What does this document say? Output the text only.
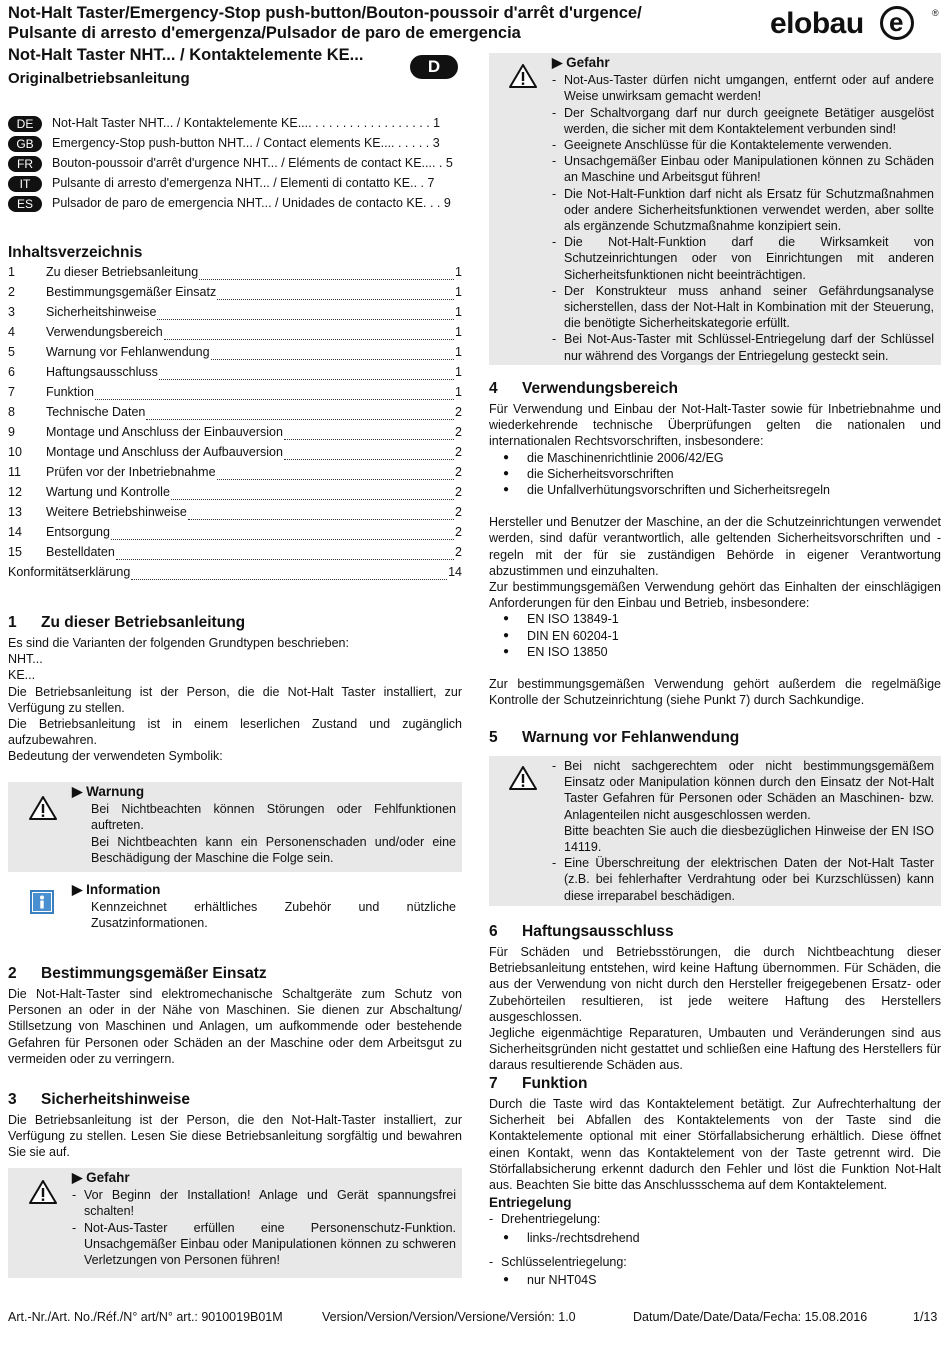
Not-Halt Taster/Emergency-Stop push-button/Bouton-poussoir d'arrêt d'urgence/
Pulsante di arresto d'emergenza/Pulsador de paro de emergencia	elobau e	®
Not-Halt Taster NHT... / Kontaktelemente KE...
Originalbetriebsanleitung
D
DE	Not-Halt Taster NHT... / Kontaktelemente KE.... . . . . . . . . . . . . . . . . . 1
GB	Emergency-Stop push-button NHT... / Contact elements KE.... . . . . . 3
FR	Bouton-poussoir d'arrêt d'urgence NHT... / Eléments de contact KE.... . 5
IT	Pulsante di arresto d'emergenza NHT... / Elementi di contatto KE.. . 7
ES	Pulsador de paro de emergencia NHT... / Unidades de contacto KE. . . 9
Inhaltsverzeichnis
1	Zu dieser Betriebsanleitung	1
2	Bestimmungsgemäßer Einsatz	1
3	Sicherheitshinweise	1
4	Verwendungsbereich	1
5	Warnung vor Fehlanwendung	1
6	Haftungsausschluss	1
7	Funktion	1
8	Technische Daten	2
9	Montage und Anschluss der Einbauversion	2
10	Montage und Anschluss der Aufbauversion	2
11	Prüfen vor der Inbetriebnahme	2
12	Wartung und Kontrolle	2
13	Weitere Betriebshinweise	2
14	Entsorgung	2
15	Bestelldaten	2
Konformitätserklärung	14
1 Zu dieser Betriebsanleitung
Es sind die Varianten der folgenden Grundtypen beschrieben:
NHT...
KE...
Die Betriebsanleitung ist der Person, die die Not-Halt Taster installiert, zur Verfügung zu stellen.
Die Betriebsanleitung ist in einem leserlichen Zustand und zugänglich aufzubewahren.
Bedeutung der verwendeten Symbolik:
▶ Warnung
Bei Nichtbeachten können Störungen oder Fehlfunktionen auftreten.
Bei Nichtbeachten kann ein Personenschaden und/oder eine Beschädigung der Maschine die Folge sein.
▶ Information
Kennzeichnet erhältliches Zubehör und nützliche Zusatzinformationen.
2 Bestimmungsgemäßer Einsatz
Die Not-Halt-Taster sind elektromechanische Schaltgeräte zum Schutz von Personen an oder in der Nähe von Maschinen. Sie dienen zur Abschaltung/ Stillsetzung von Maschinen und Anlagen, um aufkommende oder bestehende Gefahren für Personen oder Schäden an der Maschine oder dem Arbeitsgut zu vermeiden oder zu verringern.
3 Sicherheitshinweise
Die Betriebsanleitung ist der Person, die den Not-Halt-Taster installiert, zur Verfügung zu stellen. Lesen Sie diese Betriebsanleitung sorgfältig und bewahren Sie sie auf.
▶ Gefahr
- Vor Beginn der Installation! Anlage und Gerät spannungsfrei schalten!
- Not-Aus-Taster erfüllen eine Personenschutz-Funktion. Unsachgemäßer Einbau oder Manipulationen können zu schweren Verletzungen von Personen führen!
▶ Gefahr
- Not-Aus-Taster dürfen nicht umgangen, entfernt oder auf andere Weise unwirksam gemacht werden!
- Der Schaltvorgang darf nur durch geeignete Betätiger ausgelöst werden, die sicher mit dem Kontaktelement verbunden sind!
- Geeignete Anschlüsse für die Kontaktelemente verwenden.
- Unsachgemäßer Einbau oder Manipulationen können zu Schäden an Maschine und Arbeitsgut führen!
- Die Not-Halt-Funktion darf nicht als Ersatz für Schutzmaßnahmen oder andere Sicherheitsfunktionen verwendet werden, aber sollte als ergänzende Schutzmaßnahme konzipiert sein.
- Die Not-Halt-Funktion darf die Wirksamkeit von Schutzeinrichtungen oder von Einrichtungen mit anderen Sicherheitsfunktionen nicht beeinträchtigen.
- Der Konstrukteur muss anhand seiner Gefährdungsanalyse sicherstellen, dass der Not-Halt in Kombination mit der Steuerung, die benötigte Sicherheitskategorie erfüllt.
- Bei Not-Aus-Taster mit Schlüssel-Entriegelung darf der Schlüssel nur während des Vorgangs der Entriegelung gesteckt sein.
4 Verwendungsbereich
Für Verwendung und Einbau der Not-Halt-Taster sowie für Inbetriebnahme und wiederkehrende technische Überprüfungen gelten die nationalen und internationalen Rechtsvorschriften, insbesondere:
● die Maschinenrichtlinie 2006/42/EG
● die Sicherheitsvorschriften
● die Unfallverhütungsvorschriften und Sicherheitsregeln
Hersteller und Benutzer der Maschine, an der die Schutzeinrichtungen verwendet werden, sind dafür verantwortlich, alle geltenden Sicherheitsvorschriften und -regeln mit der für sie zuständigen Behörde in eigener Verantwortung abzustimmen und einzuhalten.
Zur bestimmungsgemäßen Verwendung gehört das Einhalten der einschlägigen Anforderungen für den Einbau und Betrieb, insbesondere:
● EN ISO 13849-1
● DIN EN 60204-1
● EN ISO 13850
Zur bestimmungsgemäßen Verwendung gehört außerdem die regelmäßige Kontrolle der Schutzeinrichtung (siehe Punkt 7) durch Sachkundige.
5 Warnung vor Fehlanwendung
- Bei nicht sachgerechtem oder nicht bestimmungsgemäßem Einsatz oder Manipulation können durch den Einsatz der Not-Halt Taster Gefahren für Personen oder Schäden an Maschinen- bzw. Anlagenteilen nicht ausgeschlossen werden.
Bitte beachten Sie auch die diesbezüglichen Hinweise der EN ISO 14119.
- Eine Überschreitung der elektrischen Daten der Not-Halt Taster (z.B. bei fehlerhafter Verdrahtung oder bei Kurzschlüssen) kann diese irreparabel beschädigen.
6 Haftungsausschluss
Für Schäden und Betriebsstörungen, die durch Nichtbeachtung dieser Betriebsanleitung entstehen, wird keine Haftung übernommen. Für Schäden, die aus der Verwendung von nicht durch den Hersteller freigegebenen Ersatz- oder Zubehörteilen resultieren, ist jede weitere Haftung des Herstellers ausgeschlossen.
Jegliche eigenmächtige Reparaturen, Umbauten und Veränderungen sind aus Sicherheitsgründen nicht gestattet und schließen eine Haftung des Herstellers für daraus resultierende Schäden aus.
7 Funktion
Durch die Taste wird das Kontaktelement betätigt. Zur Aufrechterhaltung der Sicherheit bei Abfallen des Kontaktelements von der Taste sind die Kontaktelemente optional mit einer Störfallabsicherung erhältlich. Diese öffnet einen Kontakt, wenn das Kontaktelement von der Taste getrennt wird. Die Störfallabsicherung erkennt dadurch den Fehler und löst die Funktion Not-Halt aus. Beachten Sie bitte das Anschlussschema auf dem Kontaktelement.
Entriegelung
- Drehentriegelung:
● links-/rechtsdrehend
- Schlüsselentriegelung:
● nur NHT04S
Art.-Nr./Art. No./Réf./N° art/N° art.: 9010019B01M	Version/Version/Version/Versione/Versión: 1.0	Datum/Date/Date/Data/Fecha: 15.08.2016	1/13
